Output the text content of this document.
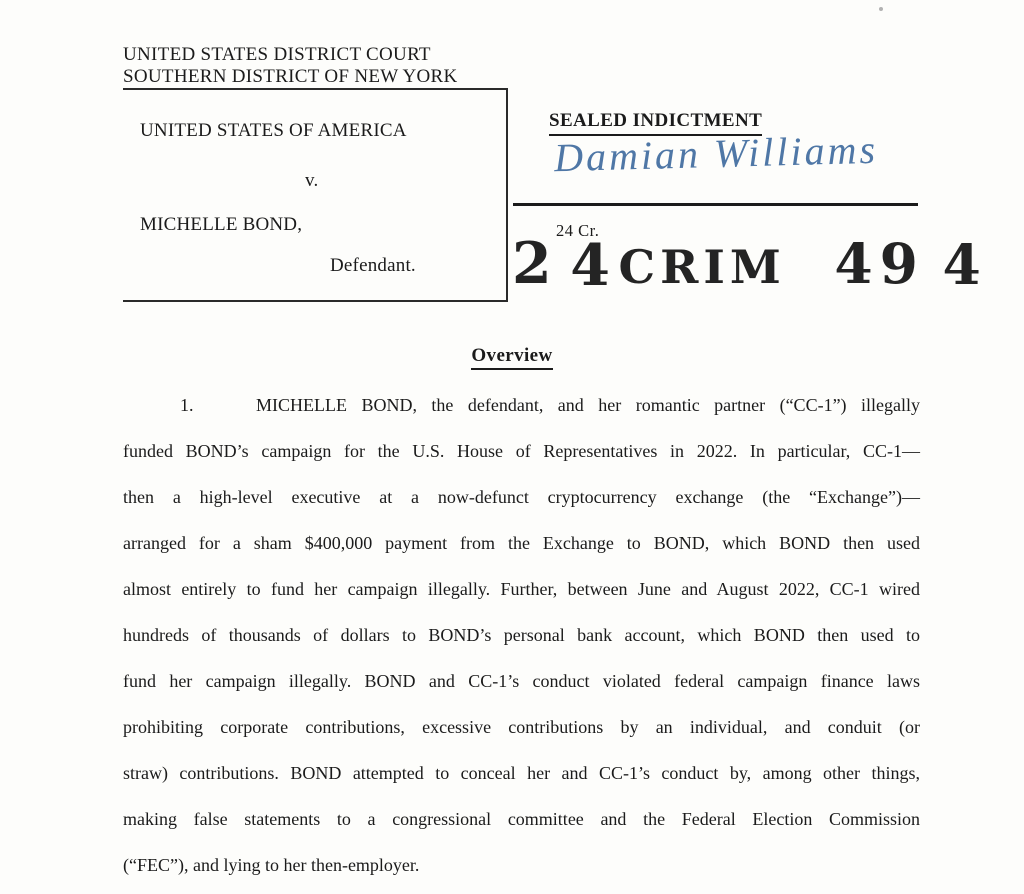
UNITED STATES DISTRICT COURT
SOUTHERN DISTRICT OF NEW YORK
UNITED STATES OF AMERICA
v.
MICHELLE BOND,
Defendant.
SEALED INDICTMENT
Damian Williams
24 Cr.
2 4 CRIM 49 4
Overview
1.	MICHELLE BOND, the defendant, and her romantic partner (“CC-1”) illegally
funded BOND’s campaign for the U.S. House of Representatives in 2022. In particular, CC-1—
then a high-level executive at a now-defunct cryptocurrency exchange (the “Exchange”)—
arranged for a sham $400,000 payment from the Exchange to BOND, which BOND then used
almost entirely to fund her campaign illegally. Further, between June and August 2022, CC-1 wired
hundreds of thousands of dollars to BOND’s personal bank account, which BOND then used to
fund her campaign illegally. BOND and CC-1’s conduct violated federal campaign finance laws
prohibiting corporate contributions, excessive contributions by an individual, and conduit (or
straw) contributions. BOND attempted to conceal her and CC-1’s conduct by, among other things,
making false statements to a congressional committee and the Federal Election Commission
(“FEC”), and lying to her then-employer.
